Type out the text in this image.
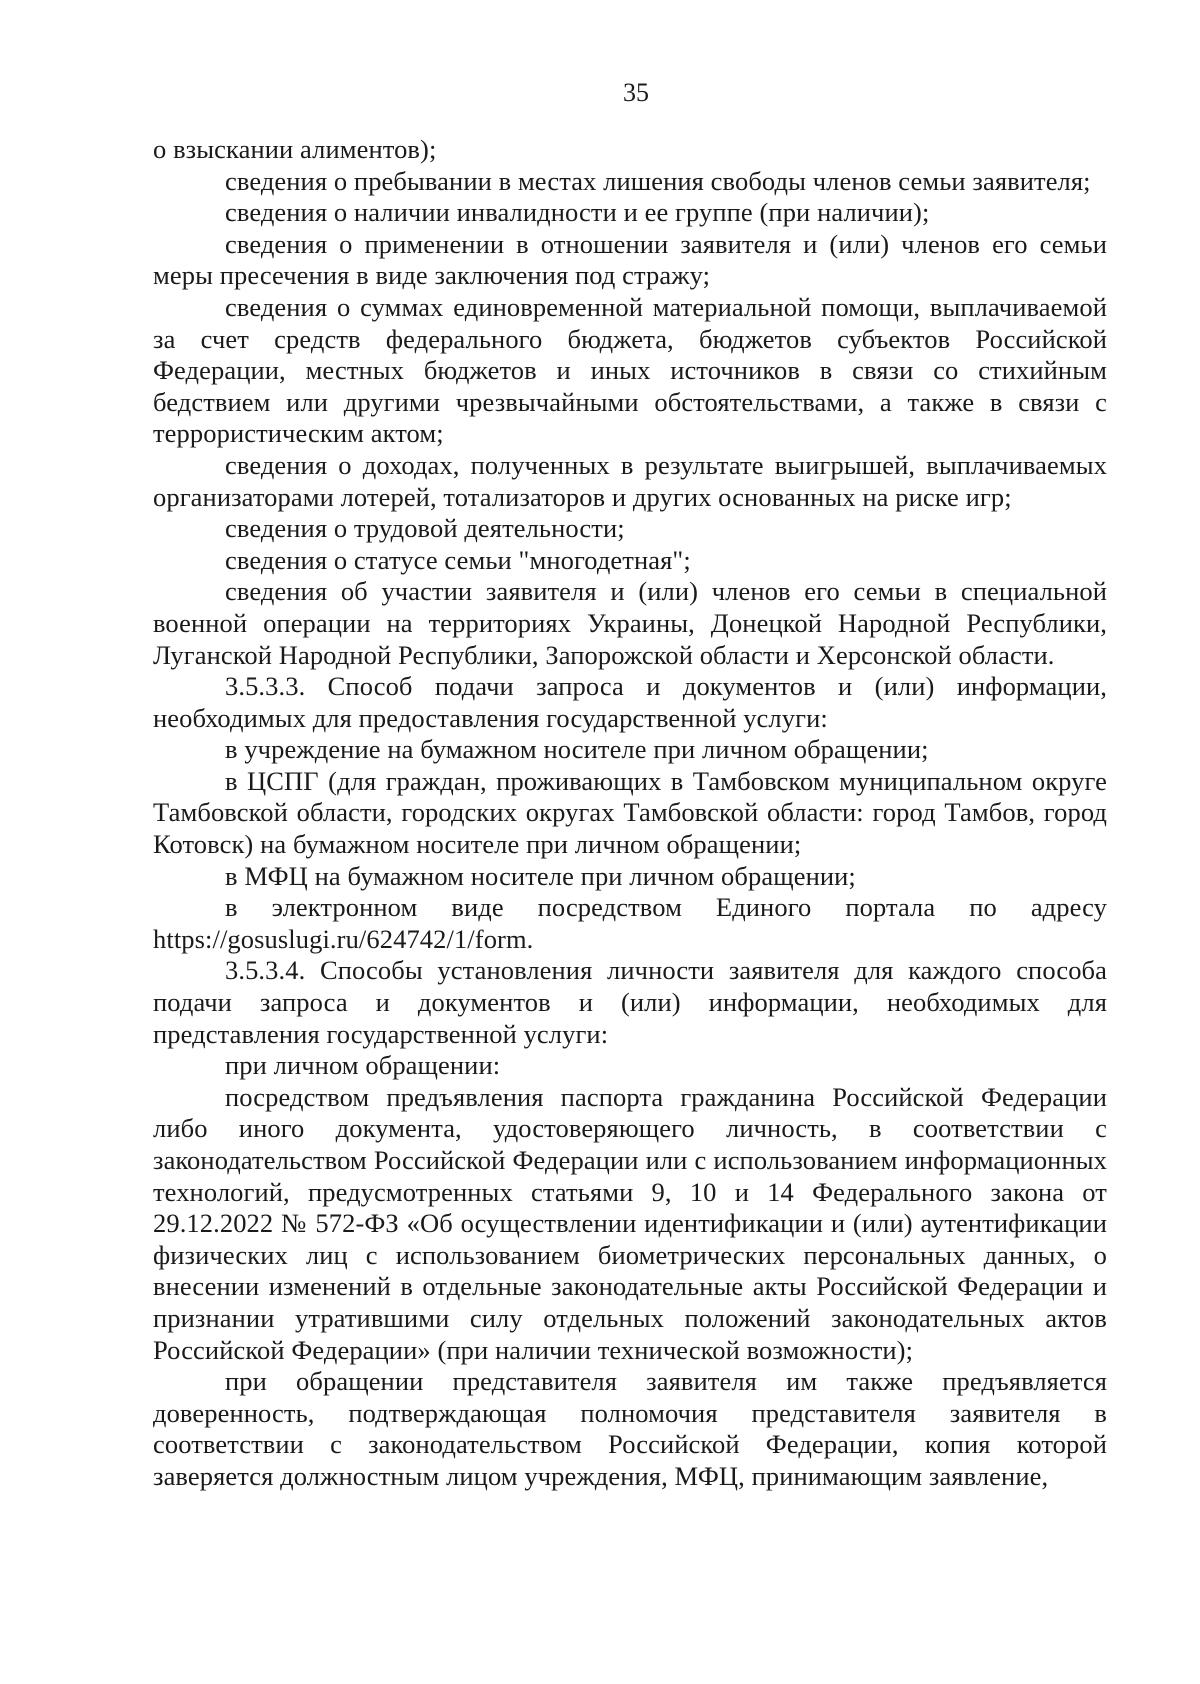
35

о взыскании алиментов);

сведения о пребывании в местах лишения свободы членов семьи заявителя;

сведения о наличии инвалидности и ее группе (при наличии);

сведения о применении в отношении заявителя и (или) членов его семьи меры пресечения в виде заключения под стражу;

сведения о суммах единовременной материальной помощи, выплачиваемой за счет средств федерального бюджета, бюджетов субъектов Российской Федерации, местных бюджетов и иных источников в связи со стихийным бедствием или другими чрезвычайными обстоятельствами, а также в связи с террористическим актом;

сведения о доходах, полученных в результате выигрышей, выплачиваемых организаторами лотерей, тотализаторов и других основанных на риске игр;

сведения о трудовой деятельности;

сведения о статусе семьи "многодетная";

сведения об участии заявителя и (или) членов его семьи в специальной военной операции на территориях Украины, Донецкой Народной Республики, Луганской Народной Республики, Запорожской области и Херсонской области.

3.5.3.3. Способ подачи запроса и документов и (или) информации, необходимых для предоставления государственной услуги:

в учреждение на бумажном носителе при личном обращении;

в ЦСПГ (для граждан, проживающих в Тамбовском муниципальном округе Тамбовской области, городских округах Тамбовской области: город Тамбов, город Котовск) на бумажном носителе при личном обращении;

в МФЦ на бумажном носителе при личном обращении;

в электронном виде посредством Единого портала по адресу https://gosuslugi.ru/624742/1/form.

3.5.3.4. Способы установления личности заявителя для каждого способа подачи запроса и документов и (или) информации, необходимых для представления государственной услуги:

при личном обращении:

посредством предъявления паспорта гражданина Российской Федерации либо иного документа, удостоверяющего личность, в соответствии с законодательством Российской Федерации или с использованием информационных технологий, предусмотренных статьями 9, 10 и 14 Федерального закона от 29.12.2022 № 572-ФЗ «Об осуществлении идентификации и (или) аутентификации физических лиц с использованием биометрических персональных данных, о внесении изменений в отдельные законодательные акты Российской Федерации и признании утратившими силу отдельных положений законодательных актов Российской Федерации» (при наличии технической возможности);

при обращении представителя заявителя им также предъявляется доверенность, подтверждающая полномочия представителя заявителя в соответствии с законодательством Российской Федерации, копия которой заверяется должностным лицом учреждения, МФЦ, принимающим заявление,
